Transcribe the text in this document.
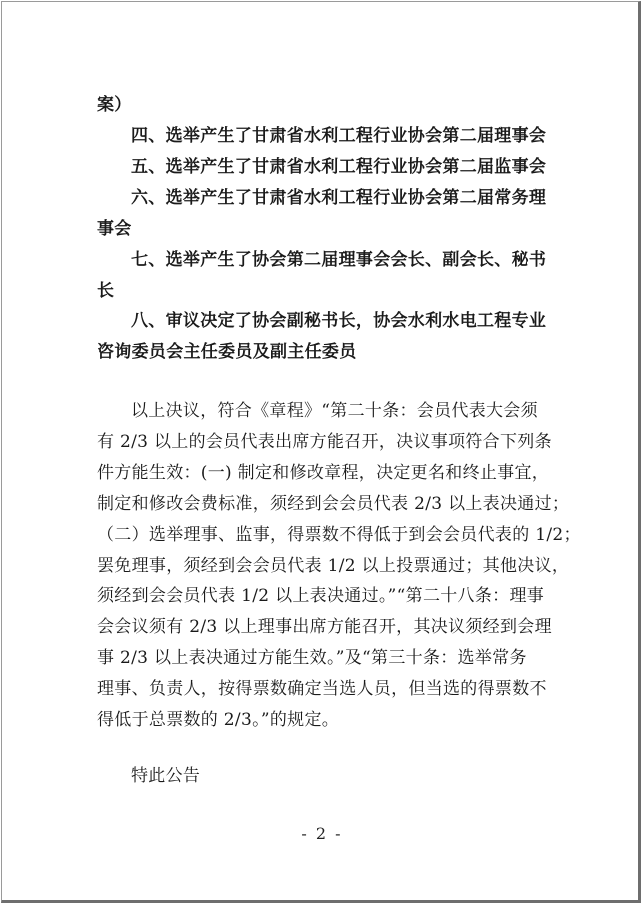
案）
四、选举产生了甘肃省水利工程行业协会第二届理事会
五、选举产生了甘肃省水利工程行业协会第二届监事会
六、选举产生了甘肃省水利工程行业协会第二届常务理
事会
七、选举产生了协会第二届理事会会长、副会长、秘书
长
八、审议决定了协会副秘书长，协会水利水电工程专业
咨询委员会主任委员及副主任委员
以上决议，符合《章程》“第二十条：会员代表大会须
有 2/3 以上的会员代表出席方能召开，决议事项符合下列条
件方能生效：(一) 制定和修改章程，决定更名和终止事宜，
制定和修改会费标准，须经到会会员代表 2/3 以上表决通过；
（二）选举理事、监事，得票数不得低于到会会员代表的 1/2；
罢免理事，须经到会会员代表 1/2 以上投票通过；其他决议，
须经到会会员代表 1/2 以上表决通过。”“第二十八条：理事
会会议须有 2/3 以上理事出席方能召开，其决议须经到会理
事 2/3 以上表决通过方能生效。”及“第三十条：选举常务
理事、负责人，按得票数确定当选人员，但当选的得票数不
得低于总票数的 2/3。”的规定。
特此公告
- 2 -
